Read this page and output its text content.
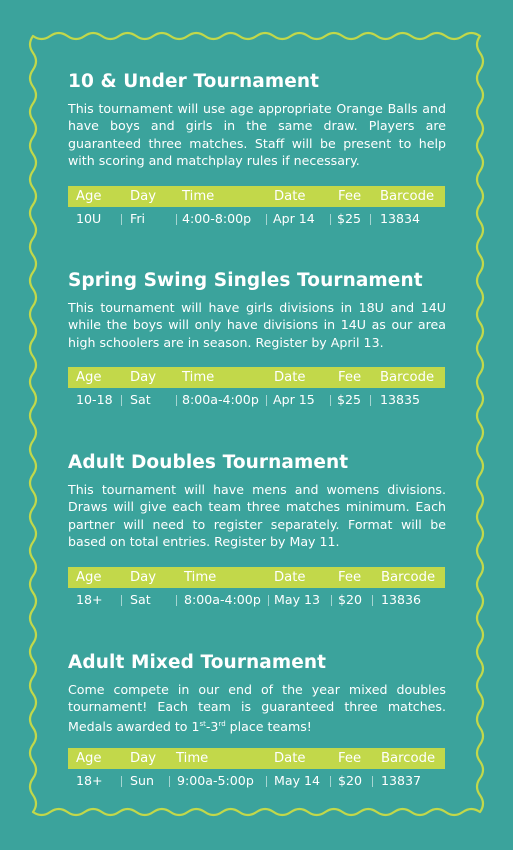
10 & Under Tournament

This tournament will use age appropriate Orange Balls and have boys and girls in the same draw. Players are guaranteed three matches. Staff will be present to help with scoring and matchplay rules if necessary.

Age Day Time	Date Fee Barcode
10U Fri	4:00-8:00p Apr 14 $25 13834
Spring Swing Singles Tournament

This tournament will have girls divisions in 18U and 14U while the boys will only have divisions in 14U as our area high schoolers are in season. Register by April 13.

Age Day Time	Date Fee Barcode
10-18 Sat 8:00a-4:00p Apr 15 $25 13835
Adult Doubles Tournament

This tournament will have mens and womens divisions. Draws will give each team three matches minimum. Each partner will need to register separately. Format will be based on total entries. Register by May 11.

Age Day Time	Date Fee Barcode
18+ Sat	8:00a-4:00p May 13 $20 13836
Adult Mixed Tournament

Come compete in our end of the year mixed doubles tournament! Each team is guaranteed three matches. Medals awarded to 1st-3rd place teams!

Age Day Time	Date Fee Barcode
18+ Sun 9:00a-5:00p May 14 $20 13837
